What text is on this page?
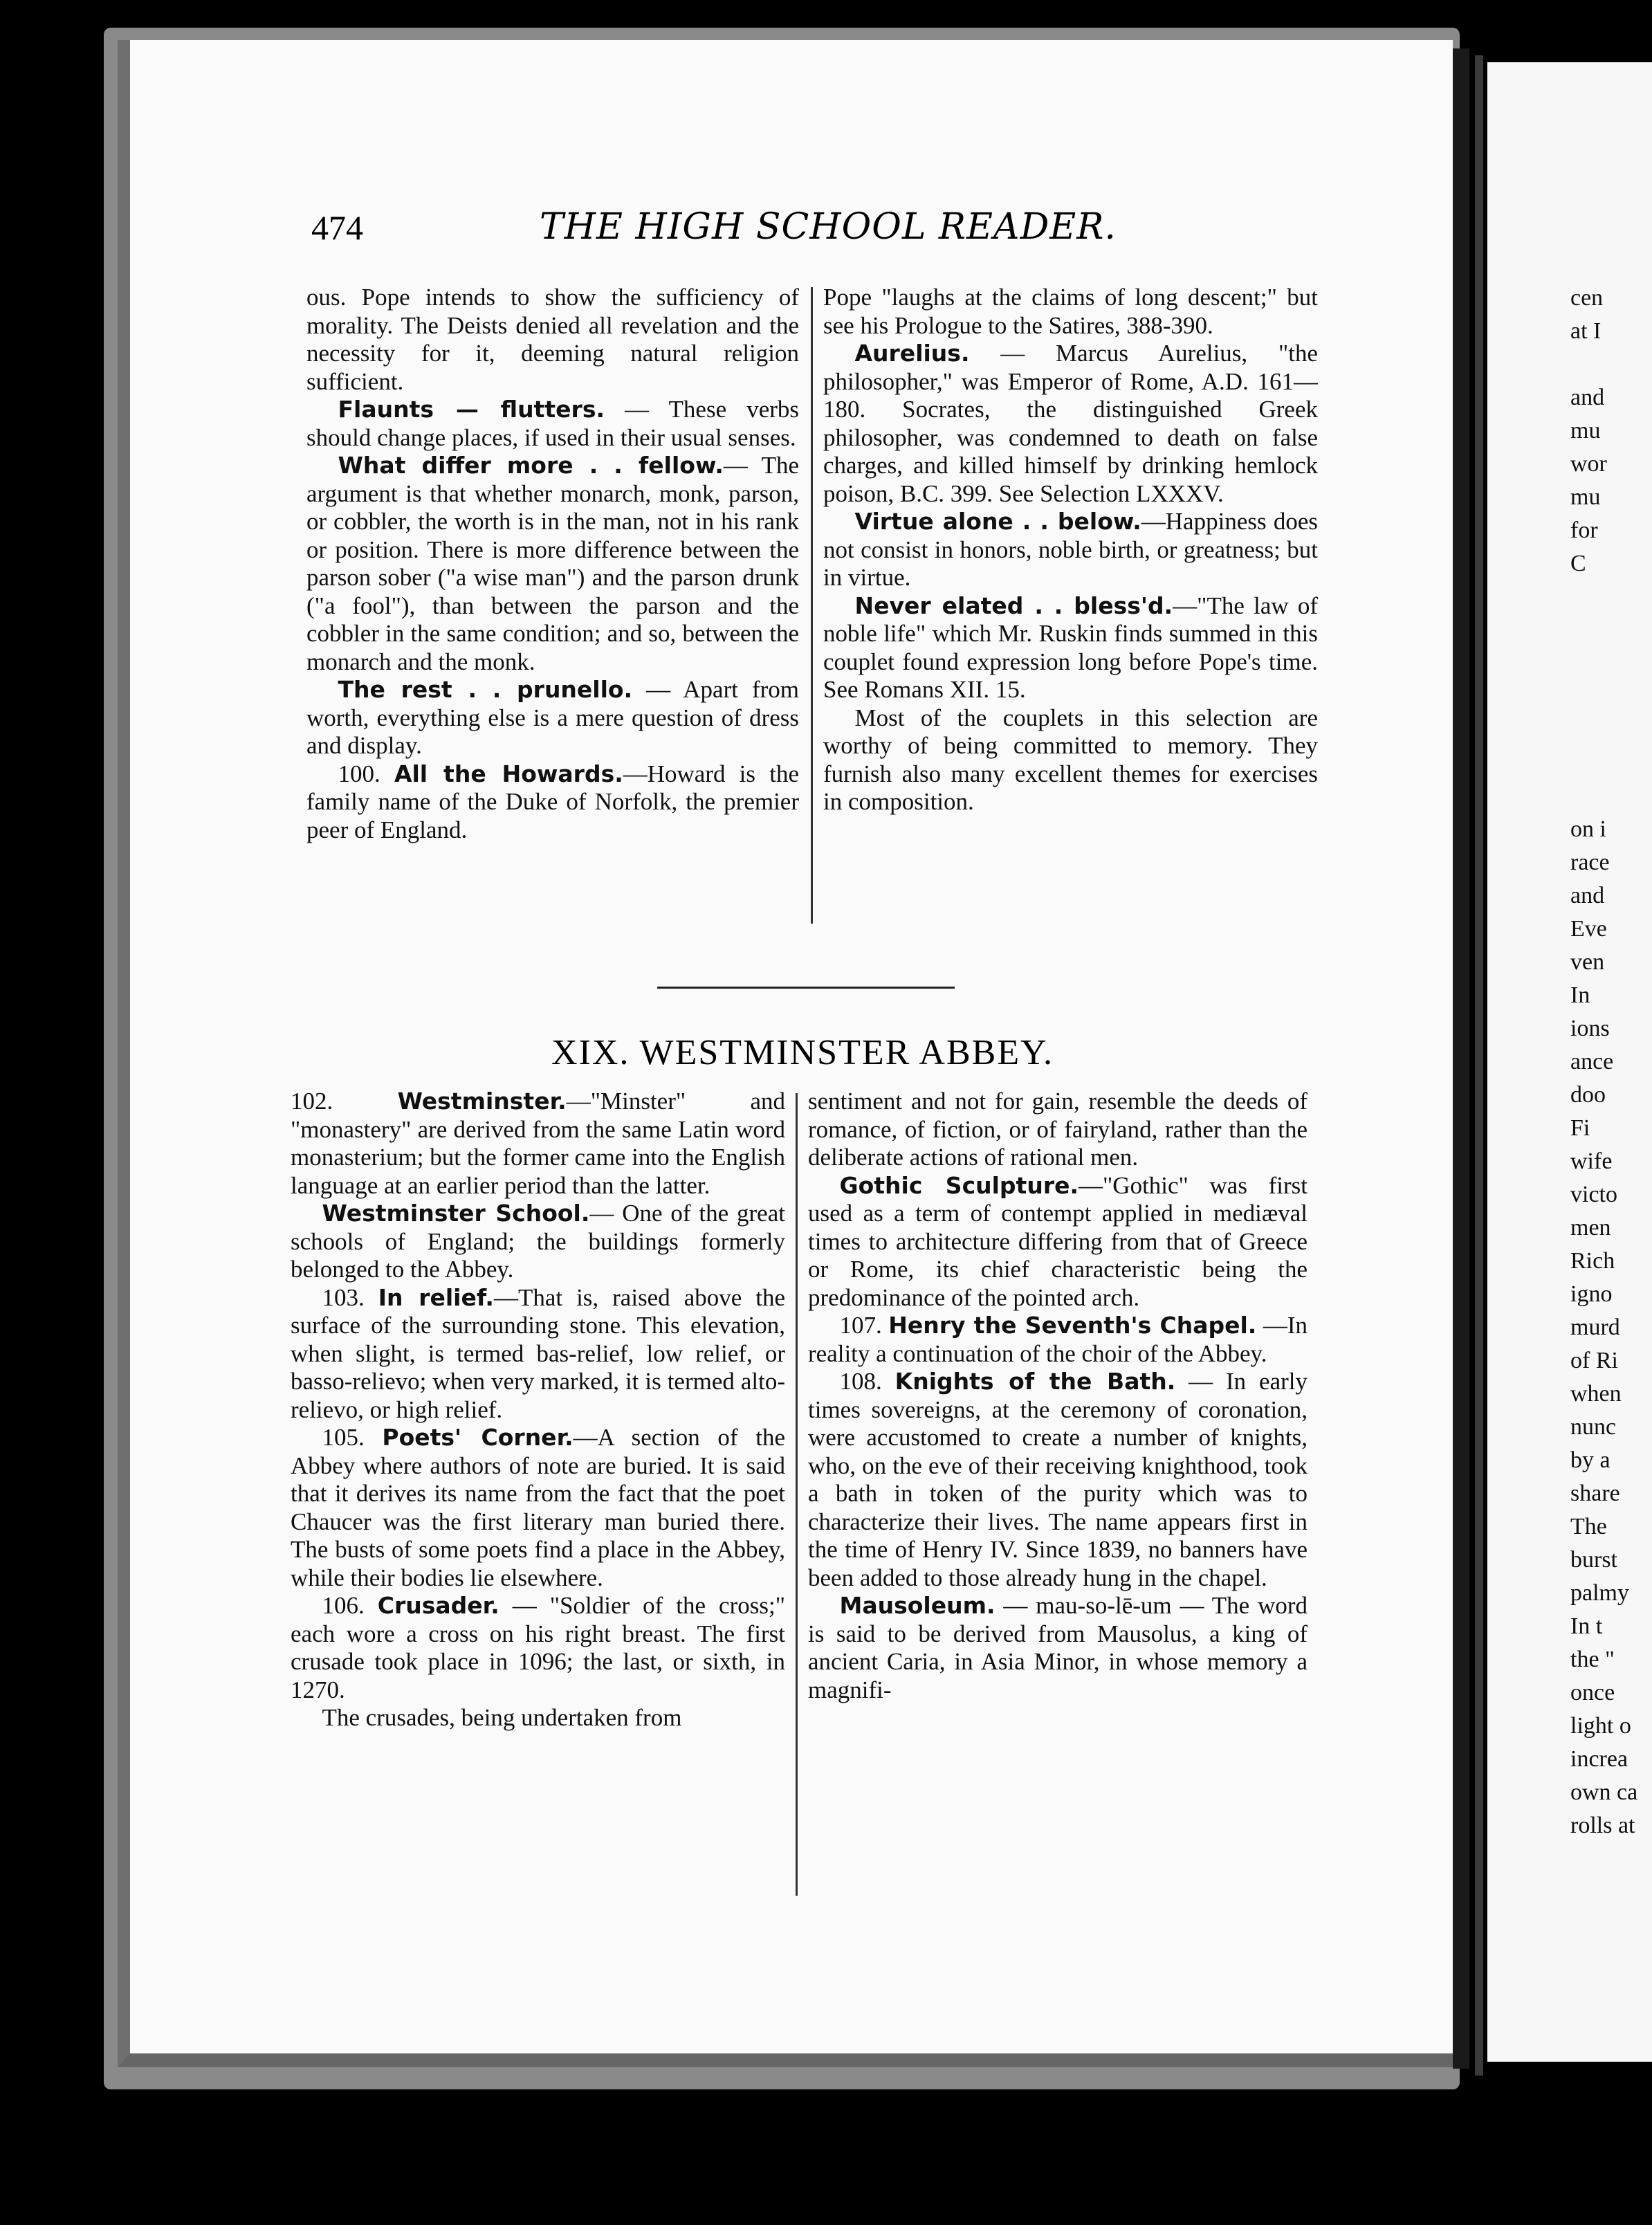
474	THE HIGH SCHOOL READER.

ous. Pope intends to show the sufficiency of morality. The Deists denied all revelation and the necessity for it, deeming natural religion sufficient.

Flaunts — flutters. — These verbs should change places, if used in their usual senses.

What differ more . . fellow.— The argument is that whether monarch, monk, parson, or cobbler, the worth is in the man, not in his rank or position. There is more difference between the parson sober ("a wise man") and the parson drunk ("a fool"), than between the parson and the cobbler in the same condition; and so, between the monarch and the monk.

The rest . . prunello. — Apart from worth, everything else is a mere question of dress and display.

100. All the Howards.—Howard is the family name of the Duke of Norfolk, the premier peer of England.

Pope "laughs at the claims of long descent;" but see his Prologue to the Satires, 388-390.

Aurelius. — Marcus Aurelius, "the philosopher," was Emperor of Rome, A.D. 161—180. Socrates, the distinguished Greek philosopher, was condemned to death on false charges, and killed himself by drinking hemlock poison, B.C. 399. See Selection LXXXV.

Virtue alone . . below.—Happiness does not consist in honors, noble birth, or greatness; but in virtue.

Never elated . . bless'd.—"The law of noble life" which Mr. Ruskin finds summed in this couplet found expression long before Pope's time. See Romans XII. 15.

Most of the couplets in this selection are worthy of being committed to memory. They furnish also many excellent themes for exercises in composition.

XIX. WESTMINSTER ABBEY.

102. Westminster.—"Minster" and "monastery" are derived from the same Latin word monasterium; but the former came into the English language at an earlier period than the latter.

Westminster School.— One of the great schools of England; the buildings formerly belonged to the Abbey.

103. In relief.—That is, raised above the surface of the surrounding stone. This elevation, when slight, is termed bas-relief, low relief, or basso-relievo; when very marked, it is termed alto-relievo, or high relief.

105. Poets' Corner.—A section of the Abbey where authors of note are buried. It is said that it derives its name from the fact that the poet Chaucer was the first literary man buried there. The busts of some poets find a place in the Abbey, while their bodies lie elsewhere.

106. Crusader. — "Soldier of the cross;" each wore a cross on his right breast. The first crusade took place in 1096; the last, or sixth, in 1270.

The crusades, being undertaken from

sentiment and not for gain, resemble the deeds of romance, of fiction, or of fairyland, rather than the deliberate actions of rational men.

Gothic Sculpture.—"Gothic" was first used as a term of contempt applied in mediæval times to architecture differing from that of Greece or Rome, its chief characteristic being the predominance of the pointed arch.

107. Henry the Seventh's Chapel. —In reality a continuation of the choir of the Abbey.

108. Knights of the Bath. — In early times sovereigns, at the ceremony of coronation, were accustomed to create a number of knights, who, on the eve of their receiving knighthood, took a bath in token of the purity which was to characterize their lives. The name appears first in the time of Henry IV. Since 1839, no banners have been added to those already hung in the chapel.

Mausoleum. — mau-so-lē-um — The word is said to be derived from Mausolus, a king of ancient Caria, in Asia Minor, in whose memory a magnifi-

cen
at I
and
mu
wor
mu
for
C
on i
race
and
Eve
ven
In
ions
ance
doo
Fi
wife
victo
men
Rich
igno
murd
of Ri
when
nunc
by a
share
The
burst
palmy
In t
the "
once
light o
increa
own ca
rolls at
